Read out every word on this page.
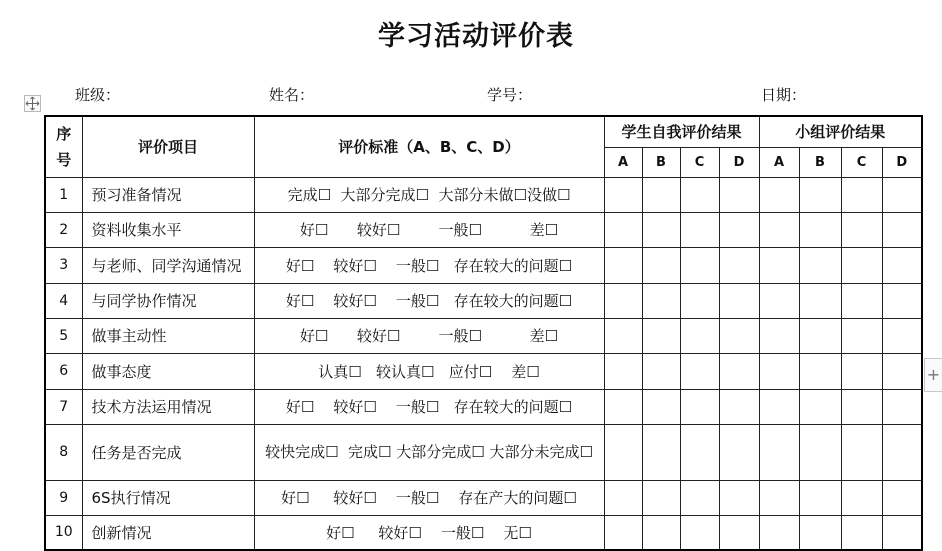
学习活动评价表
+
班级：	姓名：	学号：	日期：
序号	评价项目	评价标准（A、B、C、D）	学生自我评价结果				小组评价结果			
			A	B	C	D	A	B	C	D
1	预习准备情况	完成☐  大部分完成☐  大部分未做☐没做☐								
2	资料收集水平	好☐      较好☐        一般☐          差☐								
3	与老师、同学沟通情况	好☐    较好☐    一般☐   存在较大的问题☐								
4	与同学协作情况	好☐    较好☐    一般☐   存在较大的问题☐								
5	做事主动性	好☐      较好☐        一般☐          差☐								
6	做事态度	认真☐   较认真☐   应付☐    差☐								
7	技术方法运用情况	好☐    较好☐    一般☐   存在较大的问题☐								
8	任务是否完成	较快完成☐  完成☐ 大部分完成☐ 大部分未完成☐								
9	6S执行情况	好☐     较好☐    一般☐    存在产大的问题☐								
10	创新情况	好☐     较好☐    一般☐    无☐								
